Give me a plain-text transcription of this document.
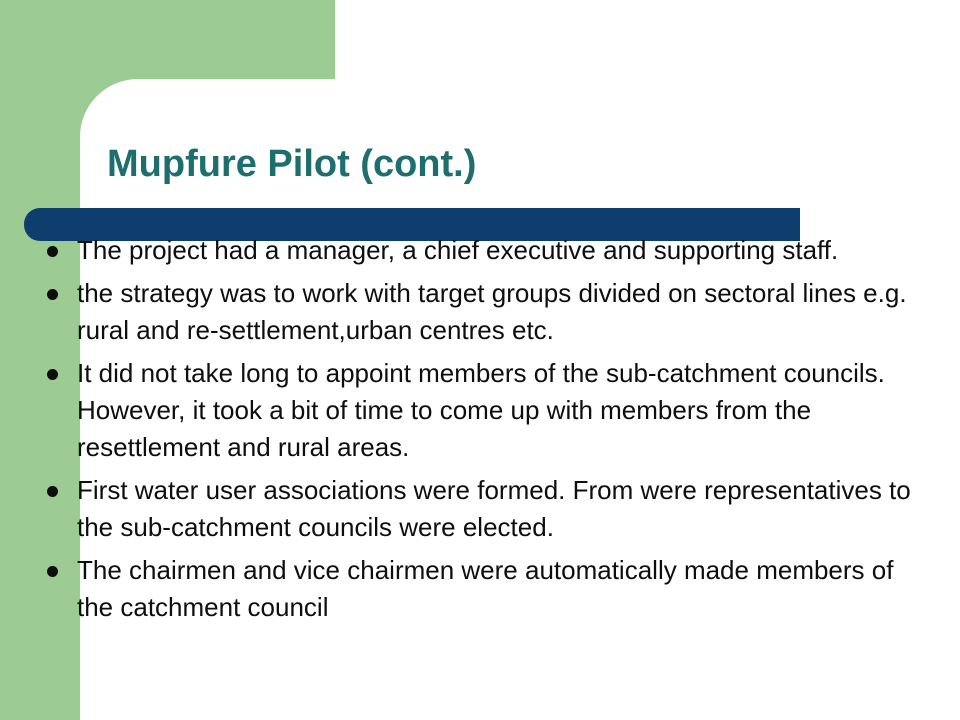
Mupfure Pilot (cont.)
The project had a manager, a chief executive and supporting staff.
the strategy was to work with target groups divided on sectoral lines e.g. rural and re-settlement,urban centres etc.
It did not take long to appoint members of the sub-catchment councils. However, it took a bit of time to come up with members from the resettlement and rural areas.
First water user associations were formed. From were representatives to the sub-catchment councils were elected.
The chairmen and vice chairmen were automatically made members of the catchment council
